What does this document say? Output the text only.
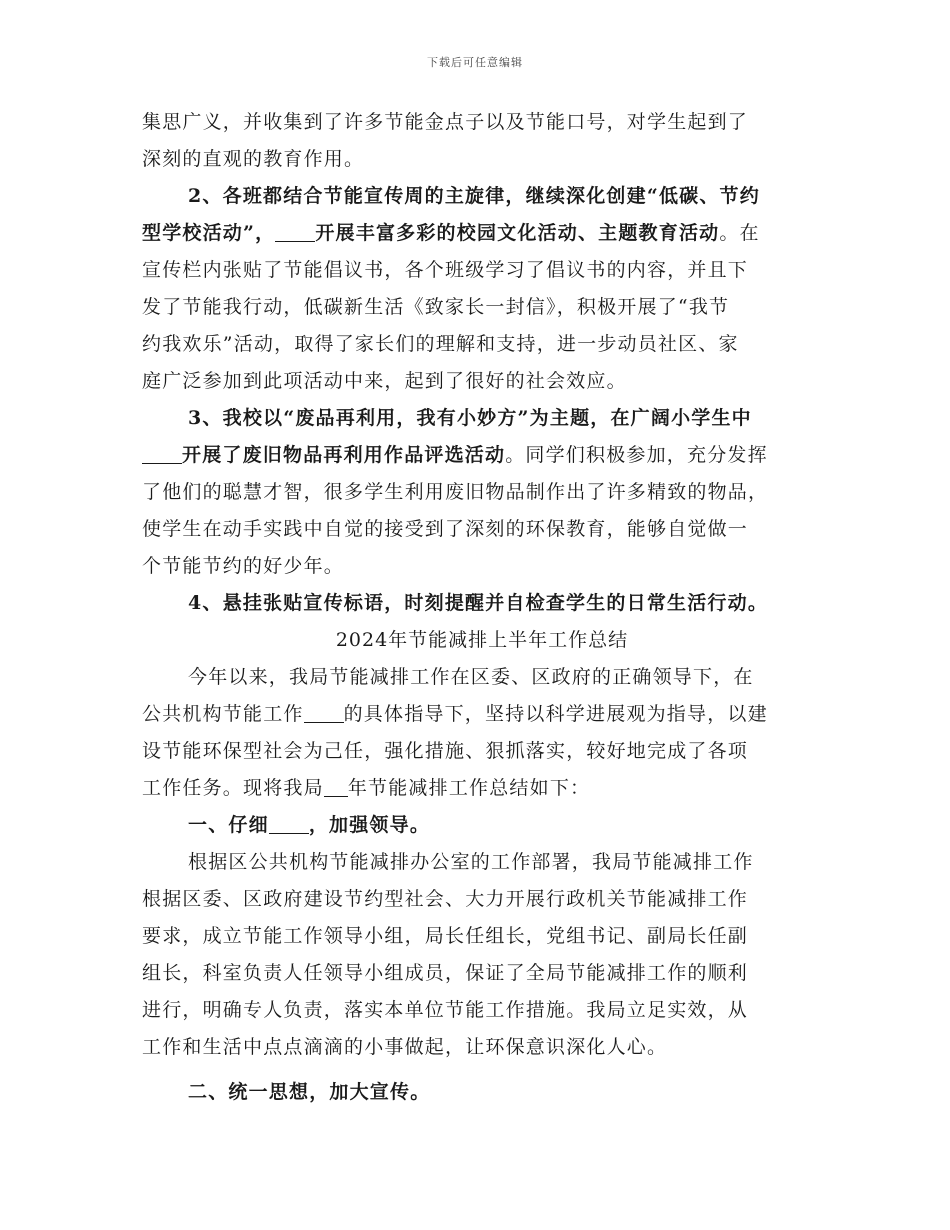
下载后可任意编辑

集思广义，并收集到了许多节能金点子以及节能口号，对学生起到了

深刻的直观的教育作用。

2、各班都结合节能宣传周的主旋律，继续深化创建“低碳、节约

型学校活动”， 开展丰富多彩的校园文化活动、主题教育活动。在

宣传栏内张贴了节能倡议书，各个班级学习了倡议书的内容，并且下

发了节能我行动，低碳新生活《致家长一封信》，积极开展了“我节

约我欢乐”活动，取得了家长们的理解和支持，进一步动员社区、家

庭广泛参加到此项活动中来，起到了很好的社会效应。

3、我校以“废品再利用，我有小妙方”为主题，在广阔小学生中

开展了废旧物品再利用作品评选活动。同学们积极参加，充分发挥

了他们的聪慧才智，很多学生利用废旧物品制作出了许多精致的物品，

使学生在动手实践中自觉的接受到了深刻的环保教育，能够自觉做一

个节能节约的好少年。

4、悬挂张贴宣传标语，时刻提醒并自检查学生的日常生活行动。

2024年节能减排上半年工作总结

今年以来，我局节能减排工作在区委、区政府的正确领导下，在

公共机构节能工作 的具体指导下，坚持以科学进展观为指导，以建

设节能环保型社会为己任，强化措施、狠抓落实，较好地完成了各项

工作任务。现将我局 年节能减排工作总结如下：

一、仔细 ，加强领导。

根据区公共机构节能减排办公室的工作部署，我局节能减排工作

根据区委、区政府建设节约型社会、大力开展行政机关节能减排工作

要求，成立节能工作领导小组，局长任组长，党组书记、副局长任副

组长，科室负责人任领导小组成员，保证了全局节能减排工作的顺利

进行，明确专人负责，落实本单位节能工作措施。我局立足实效，从

工作和生活中点点滴滴的小事做起，让环保意识深化人心。

二、统一思想，加大宣传。
